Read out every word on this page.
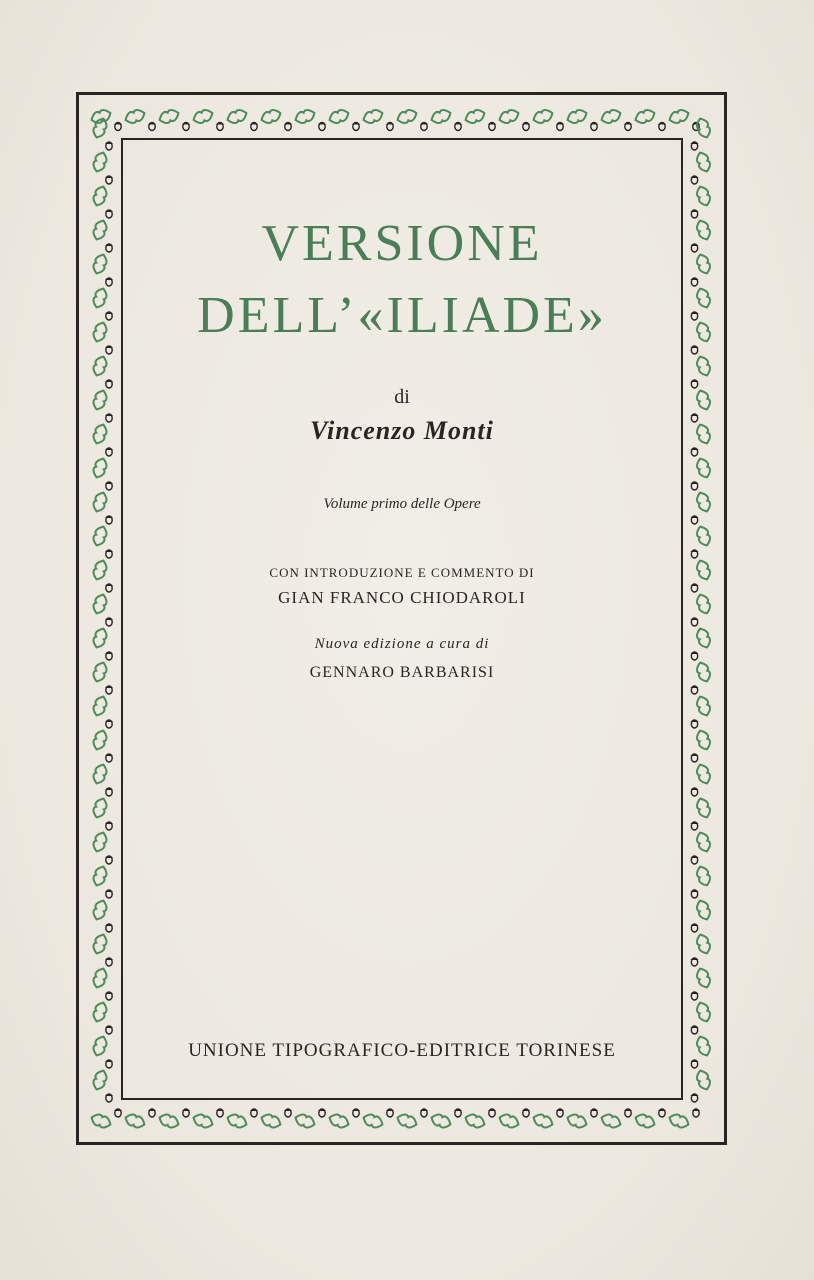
VERSIONE
DELL’«ILIADE»
di
Vincenzo Monti
Volume primo delle Opere
CON INTRODUZIONE E COMMENTO DI
GIAN FRANCO CHIODAROLI
Nuova edizione a cura di
GENNARO BARBARISI
UNIONE TIPOGRAFICO-EDITRICE TORINESE
